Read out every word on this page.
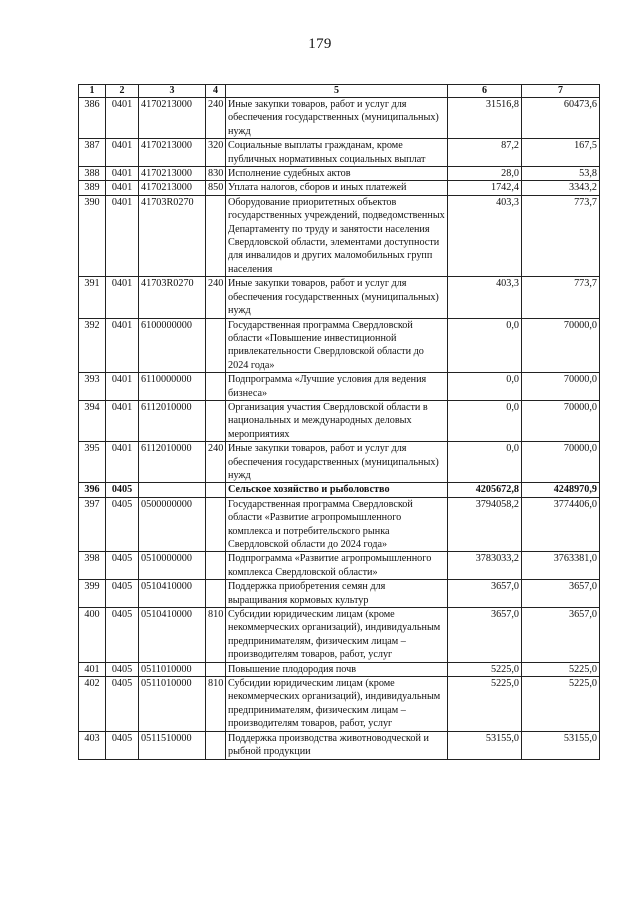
179
1	2	3	4	5	6	7
386	0401	4170213000	240	Иные закупки товаров, работ и услуг для обеспечения государственных (муниципальных) нужд	31516,8	60473,6
387	0401	4170213000	320	Социальные выплаты гражданам, кроме публичных нормативных социальных выплат	87,2	167,5
388	0401	4170213000	830	Исполнение судебных актов	28,0	53,8
389	0401	4170213000	850	Уплата налогов, сборов и иных платежей	1742,4	3343,2
390	0401	41703R0270		Оборудование приоритетных объектов государственных учреждений, подведомственных Департаменту по труду и занятости населения Свердловской области, элементами доступности для инвалидов и других маломобильных групп населения	403,3	773,7
391	0401	41703R0270	240	Иные закупки товаров, работ и услуг для обеспечения государственных (муниципальных) нужд	403,3	773,7
392	0401	6100000000		Государственная программа Свердловской области «Повышение инвестиционной привлекательности Свердловской области до 2024 года»	0,0	70000,0
393	0401	6110000000		Подпрограмма «Лучшие условия для ведения бизнеса»	0,0	70000,0
394	0401	6112010000		Организация участия Свердловской области в национальных и международных деловых мероприятиях	0,0	70000,0
395	0401	6112010000	240	Иные закупки товаров, работ и услуг для обеспечения государственных (муниципальных) нужд	0,0	70000,0
396	0405			Сельское хозяйство и рыболовство	4205672,8	4248970,9
397	0405	0500000000		Государственная программа Свердловской области «Развитие агропромышленного комплекса и потребительского рынка Свердловской области до 2024 года»	3794058,2	3774406,0
398	0405	0510000000		Подпрограмма «Развитие агропромышленного комплекса Свердловской области»	3783033,2	3763381,0
399	0405	0510410000		Поддержка приобретения семян для выращивания кормовых культур	3657,0	3657,0
400	0405	0510410000	810	Субсидии юридическим лицам (кроме некоммерческих организаций), индивидуальным предпринимателям, физическим лицам – производителям товаров, работ, услуг	3657,0	3657,0
401	0405	0511010000		Повышение плодородия почв	5225,0	5225,0
402	0405	0511010000	810	Субсидии юридическим лицам (кроме некоммерческих организаций), индивидуальным предпринимателям, физическим лицам – производителям товаров, работ, услуг	5225,0	5225,0
403	0405	0511510000		Поддержка производства животноводческой и рыбной продукции	53155,0	53155,0
